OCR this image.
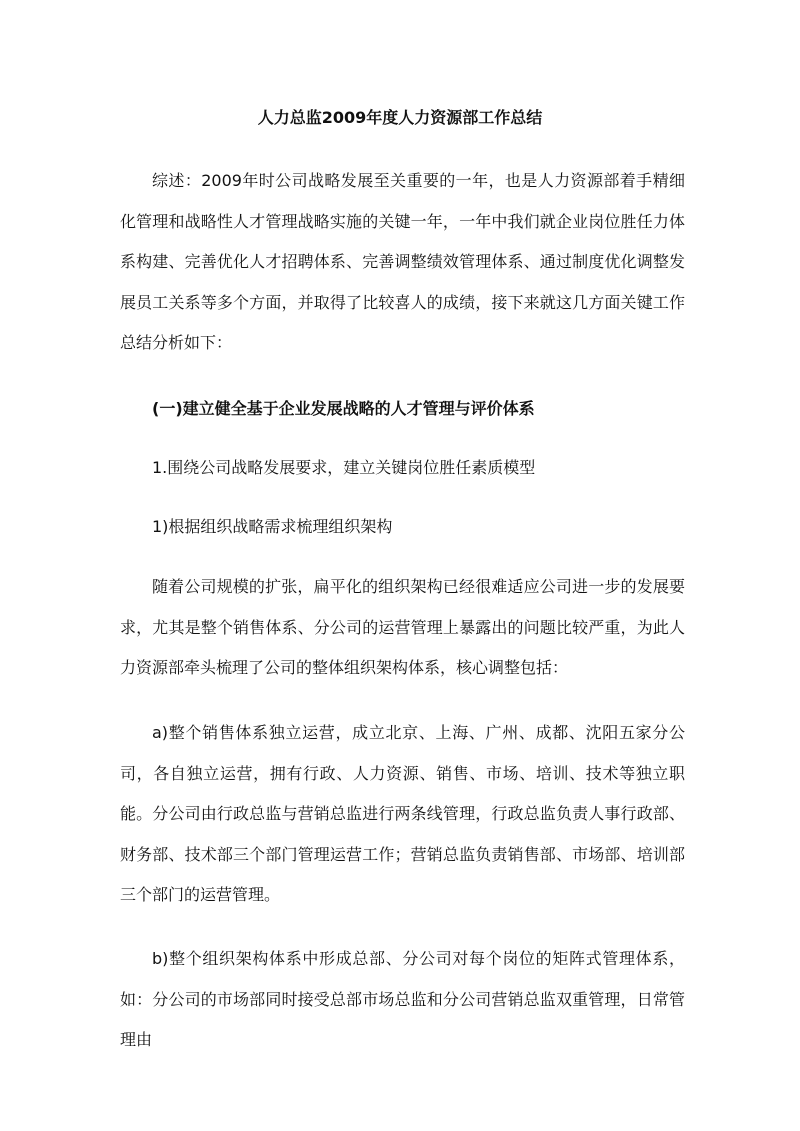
人力总监2009年度人力资源部工作总结

综述：2009年时公司战略发展至关重要的一年，也是人力资源部着手精细化管理和战略性人才管理战略实施的关键一年，一年中我们就企业岗位胜任力体系构建、完善优化人才招聘体系、完善调整绩效管理体系、通过制度优化调整发展员工关系等多个方面，并取得了比较喜人的成绩，接下来就这几方面关键工作总结分析如下：

(一)建立健全基于企业发展战略的人才管理与评价体系

1.围绕公司战略发展要求，建立关键岗位胜任素质模型

1)根据组织战略需求梳理组织架构

随着公司规模的扩张，扁平化的组织架构已经很难适应公司进一步的发展要求，尤其是整个销售体系、分公司的运营管理上暴露出的问题比较严重，为此人力资源部牵头梳理了公司的整体组织架构体系，核心调整包括：

a)整个销售体系独立运营，成立北京、上海、广州、成都、沈阳五家分公司，各自独立运营，拥有行政、人力资源、销售、市场、培训、技术等独立职能。分公司由行政总监与营销总监进行两条线管理，行政总监负责人事行政部、财务部、技术部三个部门管理运营工作；营销总监负责销售部、市场部、培训部三个部门的运营管理。

b)整个组织架构体系中形成总部、分公司对每个岗位的矩阵式管理体系，如：分公司的市场部同时接受总部市场总监和分公司营销总监双重管理，日常管理由
